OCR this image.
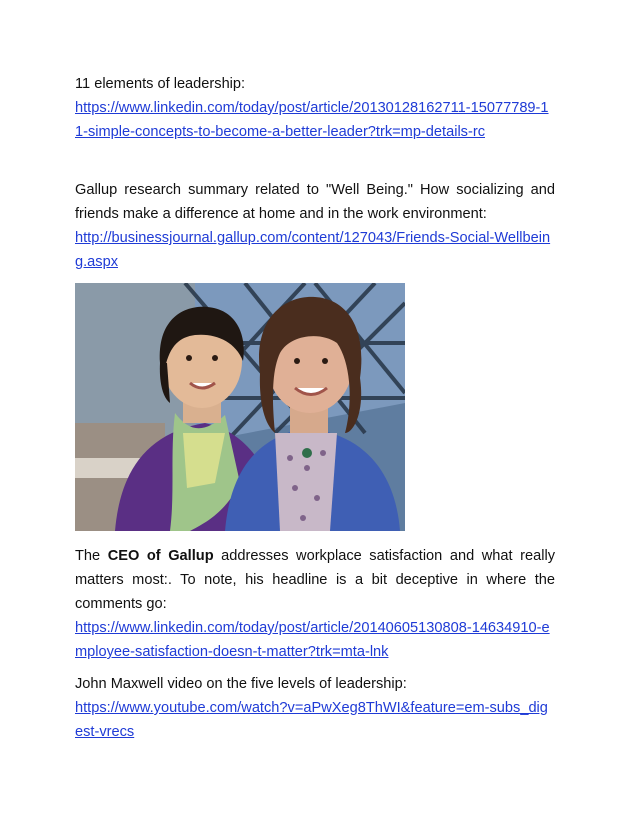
11 elements of leadership:
https://www.linkedin.com/today/post/article/20130128162711-15077789-11-simple-concepts-to-become-a-better-leader?trk=mp-details-rc
Gallup research summary related to "Well Being." How socializing and friends make a difference at home and in the work environment:
http://businessjournal.gallup.com/content/127043/Friends-Social-Wellbeing.aspx
The CEO of Gallup addresses workplace satisfaction and what really matters most:. To note, his headline is a bit deceptive in where the comments go:
https://www.linkedin.com/today/post/article/20140605130808-14634910-employee-satisfaction-doesn-t-matter?trk=mta-lnk
John Maxwell video on the five levels of leadership:
https://www.youtube.com/watch?v=aPwXeg8ThWI&feature=em-subs_digest-vrecs
